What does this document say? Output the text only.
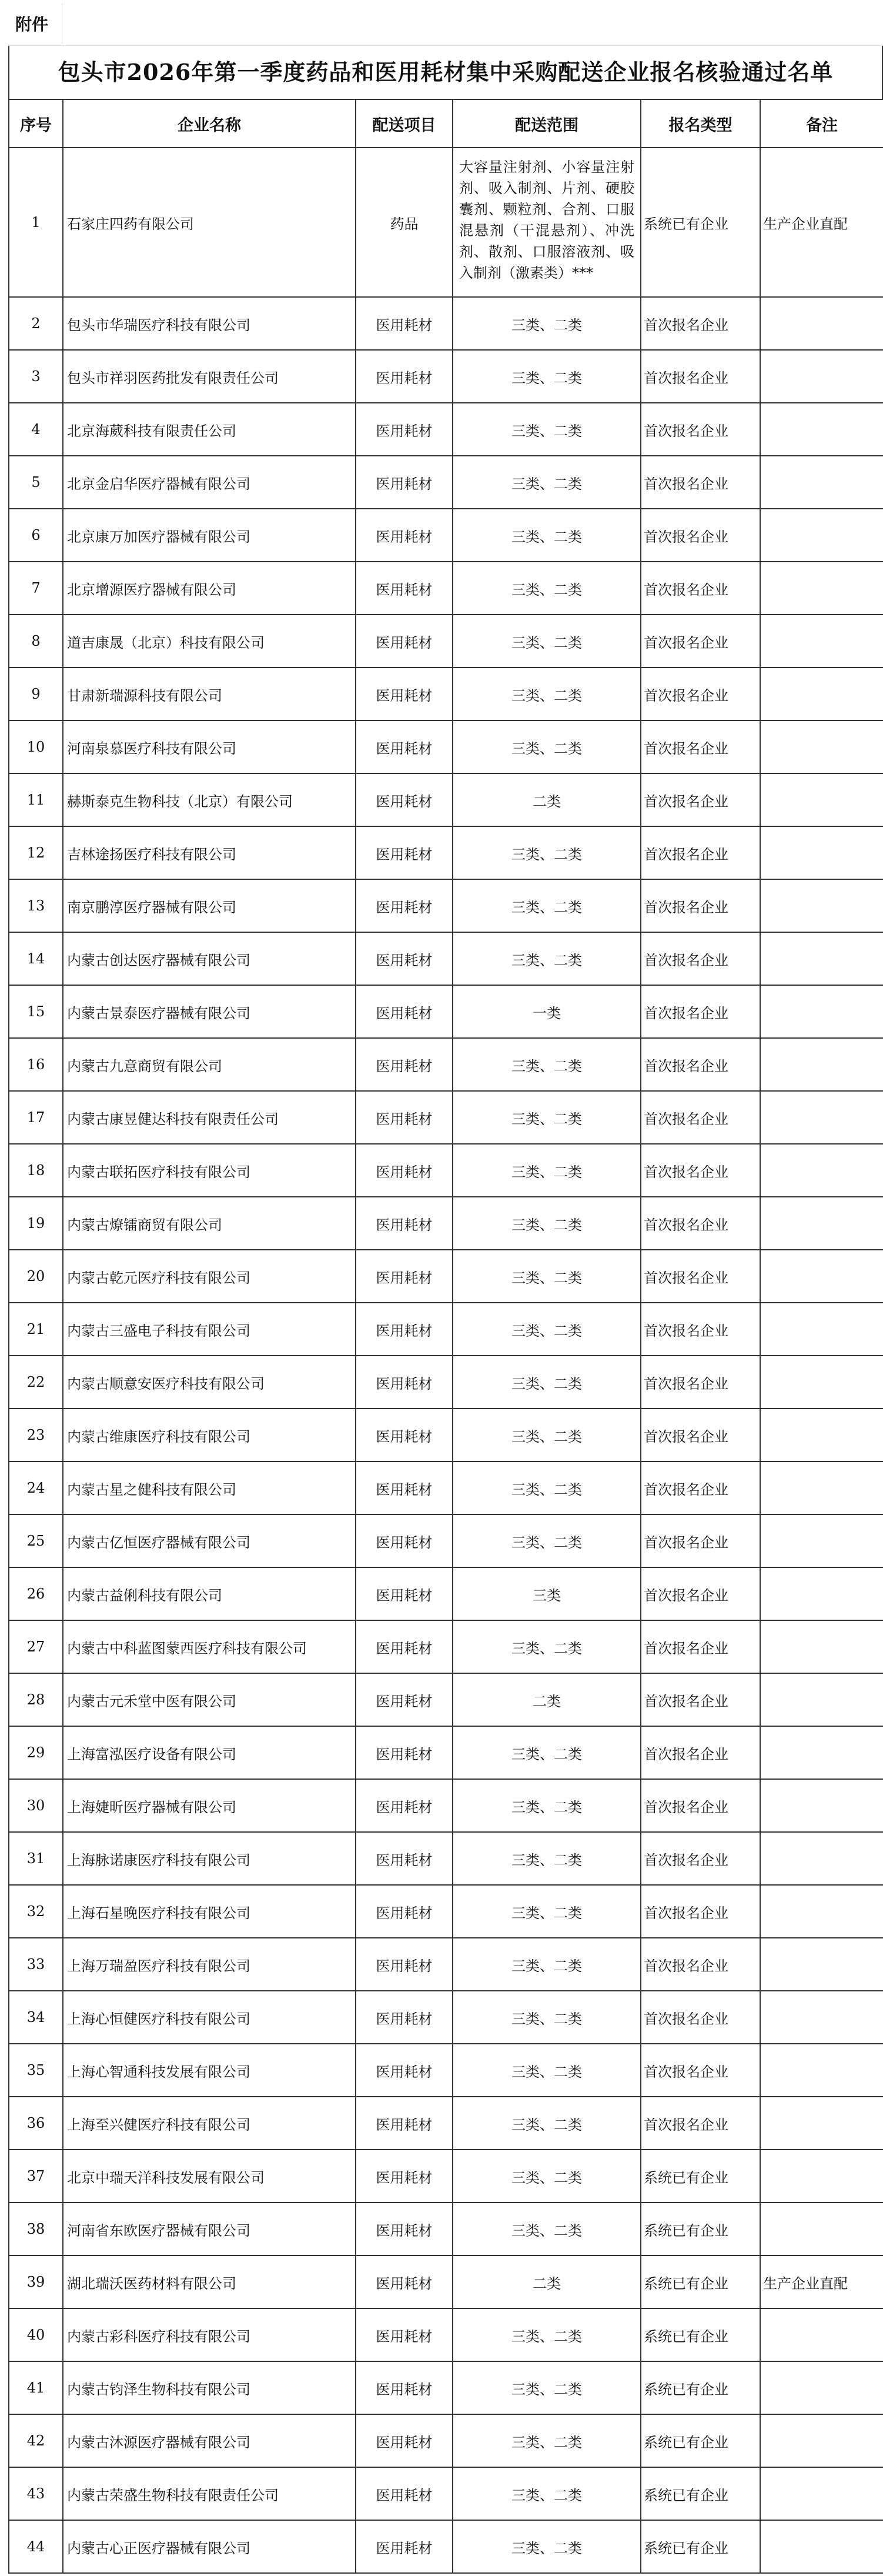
附件
包头市2026年第一季度药品和医用耗材集中采购配送企业报名核验通过名单
序号	企业名称	配送项目	配送范围	报名类型	备注
1	石家庄四药有限公司	药品	大容量注射剂、小容量注射剂、吸入制剂、片剂、硬胶囊剂、颗粒剂、合剂、口服混悬剂（干混悬剂）、冲洗剂、散剂、口服溶液剂、吸入制剂（激素类）***	系统已有企业	生产企业直配
2	包头市华瑞医疗科技有限公司	医用耗材	三类、二类	首次报名企业	
3	包头市祥羽医药批发有限责任公司	医用耗材	三类、二类	首次报名企业	
4	北京海葳科技有限责任公司	医用耗材	三类、二类	首次报名企业	
5	北京金启华医疗器械有限公司	医用耗材	三类、二类	首次报名企业	
6	北京康万加医疗器械有限公司	医用耗材	三类、二类	首次报名企业	
7	北京增源医疗器械有限公司	医用耗材	三类、二类	首次报名企业	
8	道吉康晟（北京）科技有限公司	医用耗材	三类、二类	首次报名企业	
9	甘肃新瑞源科技有限公司	医用耗材	三类、二类	首次报名企业	
10	河南泉慕医疗科技有限公司	医用耗材	三类、二类	首次报名企业	
11	赫斯泰克生物科技（北京）有限公司	医用耗材	二类	首次报名企业	
12	吉林途扬医疗科技有限公司	医用耗材	三类、二类	首次报名企业	
13	南京鹏淳医疗器械有限公司	医用耗材	三类、二类	首次报名企业	
14	内蒙古创达医疗器械有限公司	医用耗材	三类、二类	首次报名企业	
15	内蒙古景泰医疗器械有限公司	医用耗材	一类	首次报名企业	
16	内蒙古九意商贸有限公司	医用耗材	三类、二类	首次报名企业	
17	内蒙古康昱健达科技有限责任公司	医用耗材	三类、二类	首次报名企业	
18	内蒙古联拓医疗科技有限公司	医用耗材	三类、二类	首次报名企业	
19	内蒙古燎镭商贸有限公司	医用耗材	三类、二类	首次报名企业	
20	内蒙古乾元医疗科技有限公司	医用耗材	三类、二类	首次报名企业	
21	内蒙古三盛电子科技有限公司	医用耗材	三类、二类	首次报名企业	
22	内蒙古顺意安医疗科技有限公司	医用耗材	三类、二类	首次报名企业	
23	内蒙古维康医疗科技有限公司	医用耗材	三类、二类	首次报名企业	
24	内蒙古星之健科技有限公司	医用耗材	三类、二类	首次报名企业	
25	内蒙古亿恒医疗器械有限公司	医用耗材	三类、二类	首次报名企业	
26	内蒙古益俐科技有限公司	医用耗材	三类	首次报名企业	
27	内蒙古中科蓝图蒙西医疗科技有限公司	医用耗材	三类、二类	首次报名企业	
28	内蒙古元禾堂中医有限公司	医用耗材	二类	首次报名企业	
29	上海富泓医疗设备有限公司	医用耗材	三类、二类	首次报名企业	
30	上海婕昕医疗器械有限公司	医用耗材	三类、二类	首次报名企业	
31	上海脉诺康医疗科技有限公司	医用耗材	三类、二类	首次报名企业	
32	上海石星晚医疗科技有限公司	医用耗材	三类、二类	首次报名企业	
33	上海万瑞盈医疗科技有限公司	医用耗材	三类、二类	首次报名企业	
34	上海心恒健医疗科技有限公司	医用耗材	三类、二类	首次报名企业	
35	上海心智通科技发展有限公司	医用耗材	三类、二类	首次报名企业	
36	上海至兴健医疗科技有限公司	医用耗材	三类、二类	首次报名企业	
37	北京中瑞天洋科技发展有限公司	医用耗材	三类、二类	系统已有企业	
38	河南省东欧医疗器械有限公司	医用耗材	三类、二类	系统已有企业	
39	湖北瑞沃医药材料有限公司	医用耗材	二类	系统已有企业	生产企业直配
40	内蒙古彩科医疗科技有限公司	医用耗材	三类、二类	系统已有企业	
41	内蒙古钧泽生物科技有限公司	医用耗材	三类、二类	系统已有企业	
42	内蒙古沐源医疗器械有限公司	医用耗材	三类、二类	系统已有企业	
43	内蒙古荣盛生物科技有限责任公司	医用耗材	三类、二类	系统已有企业	
44	内蒙古心正医疗器械有限公司	医用耗材	三类、二类	系统已有企业	
